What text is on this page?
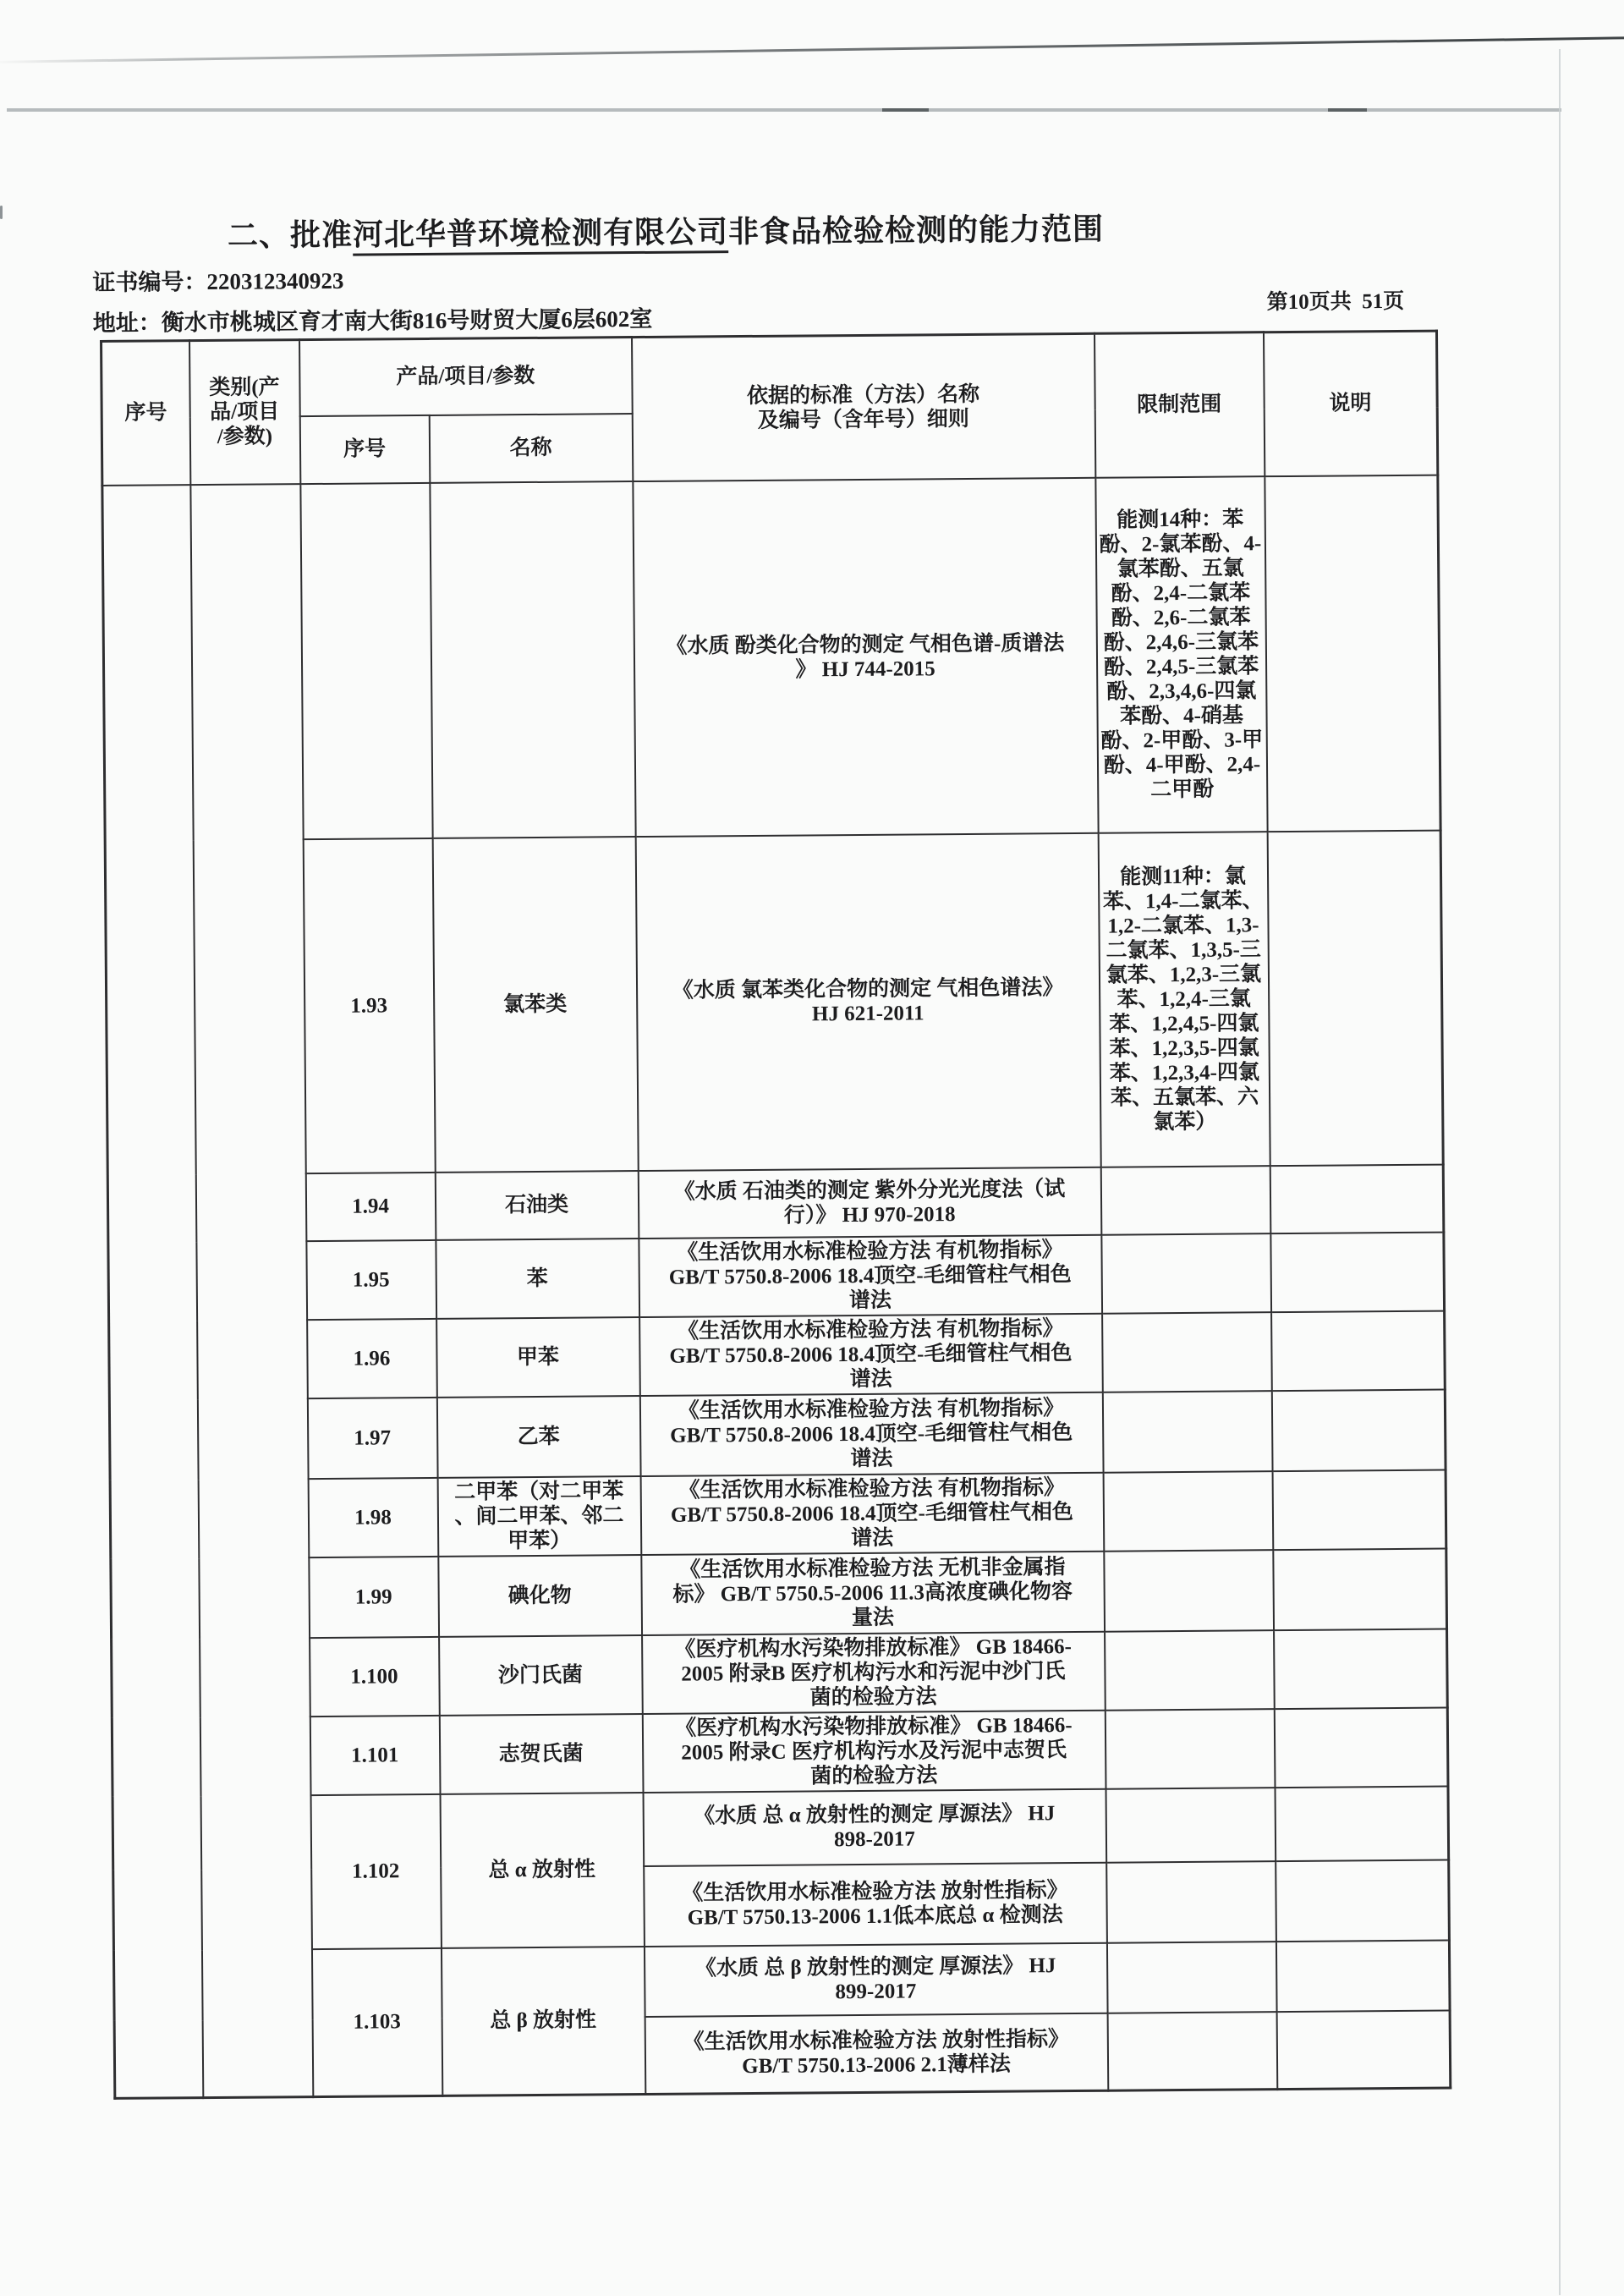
二、批准河北华普环境检测有限公司非食品检验检测的能力范围
证书编号：220312340923
地址：衡水市桃城区育才南大街816号财贸大厦6层602室
第10页共  51页
序号	类别(产
品/项目
/参数)	产品/项目/参数		依据的标准（方法）名称
及编号（含年号）细则	限制范围	说明
		序号	名称			
				《水质 酚类化合物的测定 气相色谱-质谱法
》 HJ 744-2015	能测14种：苯酚、2-氯苯酚、4-氯苯酚、五氯酚、2,4-二氯苯酚、2,6-二氯苯酚、2,4,6-三氯苯酚、2,4,5-三氯苯酚、2,3,4,6-四氯苯酚、4-硝基酚、2-甲酚、3-甲酚、4-甲酚、2,4-二甲酚	
		1.93	氯苯类	《水质 氯苯类化合物的测定 气相色谱法》
HJ 621-2011	能测11种：氯苯、1,4-二氯苯、1,2-二氯苯、1,3-二氯苯、1,3,5-三氯苯、1,2,3-三氯苯、1,2,4-三氯苯、1,2,4,5-四氯苯、1,2,3,5-四氯苯、1,2,3,4-四氯苯、五氯苯、六氯苯）	
		1.94	石油类	《水质 石油类的测定 紫外分光光度法（试
行）》 HJ 970-2018		
		1.95	苯	《生活饮用水标准检验方法 有机物指标》
GB/T 5750.8-2006 18.4顶空-毛细管柱气相色
谱法		
		1.96	甲苯	《生活饮用水标准检验方法 有机物指标》
GB/T 5750.8-2006 18.4顶空-毛细管柱气相色
谱法		
		1.97	乙苯	《生活饮用水标准检验方法 有机物指标》
GB/T 5750.8-2006 18.4顶空-毛细管柱气相色
谱法		
		1.98	二甲苯（对二甲苯
、间二甲苯、邻二
甲苯）	《生活饮用水标准检验方法 有机物指标》
GB/T 5750.8-2006 18.4顶空-毛细管柱气相色
谱法		
		1.99	碘化物	《生活饮用水标准检验方法 无机非金属指
标》 GB/T 5750.5-2006 11.3高浓度碘化物容
量法		
		1.100	沙门氏菌	《医疗机构水污染物排放标准》 GB 18466-
2005 附录B 医疗机构污水和污泥中沙门氏
菌的检验方法		
		1.101	志贺氏菌	《医疗机构水污染物排放标准》 GB 18466-
2005 附录C 医疗机构污水及污泥中志贺氏
菌的检验方法		
		1.102	总 α 放射性	《水质 总 α 放射性的测定 厚源法》 HJ
898-2017		
				《生活饮用水标准检验方法 放射性指标》
GB/T 5750.13-2006 1.1低本底总 α 检测法		
		1.103	总 β 放射性	《水质 总 β 放射性的测定 厚源法》 HJ
899-2017		
				《生活饮用水标准检验方法 放射性指标》
GB/T 5750.13-2006 2.1薄样法		
